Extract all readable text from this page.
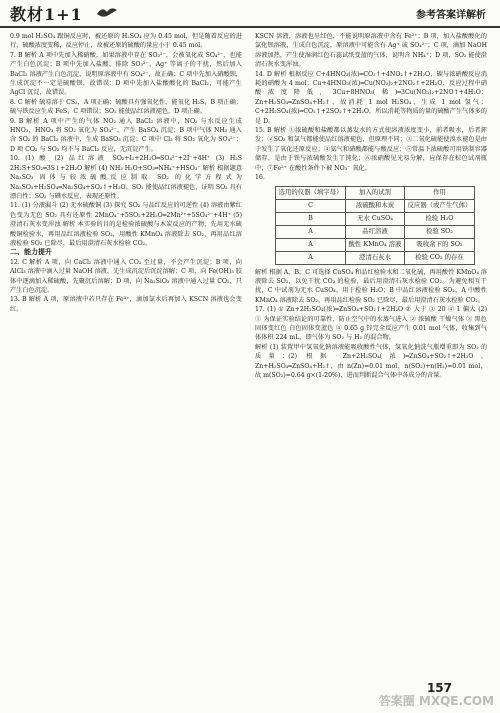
教材1+1	参考答案详解析

0.9 mol H₂SO₄ 跟铜反应时，被还原的 H₂SO₄ 应为 0.45 mol，但是随着反应的进行，硫酸浓度变稀，反应停止，故被还原的硫酸的量应小于 0.45 mol。

7. B 解析 A 项中先加入稀硝酸，如果溶液中存在 SO₃²⁻，会被氧化成 SO₄²⁻，也能产生白色沉淀；B 项中先加入盐酸，排除 SO₃²⁻、Ag⁺ 等离子的干扰，然后加入 BaCl₂ 溶液产生白色沉淀，说明原溶液中有 SO₄²⁻，故正确；C 项中先加入硝酸钡，生成沉淀不一定是硫酸钡，故错误；D 项中先加入盐酸酸化的 BaCl₂，可能产生 AgCl 沉淀，故错误。

8. C 解析 硫易溶于 CS₂，A 项正确；硫酸具有强氧化性，能氧化 H₂S，B 项正确；硫与铁反应生成 FeS，C 项错误；SO₂ 能使品红溶液褪色，D 项正确。

9. B 解析 A 项中产生的气体 NO₂ 通入 BaCl₂ 溶液中，NO₂ 与水反应生成 HNO₃，HNO₃ 将 SO₂ 氧化为 SO₄²⁻，产生 BaSO₄ 沉淀；B 项中气体 NH₃ 通入含 SO₂ 的 BaCl₂ 溶液中，生成 BaSO₃ 沉淀；C 项中 Cl₂ 将 SO₂ 氧化为 SO₄²⁻；D 项 CO₂ 与 SO₂ 均不与 BaCl₂ 反应，无沉淀产生。

10. (1) 酸 (2) 品红溶液 SO₂+I₂+2H₂O═SO₄²⁻+2I⁻+4H⁺ (3) H₂S 2H₂S+SO₂═3S↓+2H₂O 解析 (4) NH₃ H₂O+SO₂═NH₄⁺+HSO₃⁻ 解析 根据题意 Na₂SO₃ 固体与较浓硫酸反应制取 SO₂ 的化学方程式为 Na₂SO₃+H₂SO₄═Na₂SO₄+SO₂↑+H₂O。SO₂ 能使品红溶液褪色，证明 SO₂ 具有漂白性；SO₂ 与碘水反应，表现还原性。

11. (1) 分液漏斗 (2) 无水硫酸铜 (3) 探究 SO₂ 与品红反应的可逆性 (4) 溶液由紫红色变为无色 SO₂ 具有还原性 2MnO₄⁻+5SO₂+2H₂O═2Mn²⁺+5SO₄²⁻+4H⁺ (5) 澄清石灰水变浑浊 解析 本实验的目的是检验浓硫酸与木炭反应的产物，先用无水硫酸铜检验水，再用品红溶液检验 SO₂，用酸性 KMnO₄ 溶液除去 SO₂，再用品红溶液检验 SO₂ 已除尽，最后用澄清石灰水检验 CO₂。

二、能力提升

12. C 解析 A 项，向 CaCl₂ 溶液中通入 CO₂ 至过量，不会产生沉淀；B 项，向 AlCl₃ 溶液中滴入过量 NaOH 溶液，先生成沉淀后沉淀溶解；C 项，向 Fe(OH)₃ 胶体中逐滴加入稀硫酸，先聚沉后溶解；D 项，向 Na₂SiO₃ 溶液中通入过量 CO₂，只产生白色沉淀。

13. B 解析 A 项，原溶液中若只存在 Fe³⁺，滴加氯水后再加入 KSCN 溶液也会变红。

KSCN 溶液，溶液也呈红色，不能说明原溶液中含有 Fe²⁺；B 项，加入盐酸酸化的氯化钡溶液，生成白色沉淀，原溶液中可能含有 Ag⁺ 或 SO₄²⁻；C 项，滴加 NaOH 溶液加热，产生使湿润红色石蕊试纸变蓝的气体，说明含 NH₄⁺；D 项，SO₂ 能使澄清石灰水变浑浊。

14. D 解析 根据反应 C+4HNO₃(浓)═CO₂↑+4NO₂↑+2H₂O，碳与浓硝酸反应消耗的硝酸为 4 mol；Cu+4HNO₃(浓)═Cu(NO₃)₂+2NO₂↑+2H₂O，反应过程中硝酸浓度降低，3Cu+8HNO₃(稀)═3Cu(NO₃)₂+2NO↑+4H₂O；Zn+H₂SO₄═ZnSO₄+H₂↑，故消耗 1 mol H₂SO₄，生成 1 mol 氢气；C+2H₂SO₄(浓)═CO₂↑+2SO₂↑+2H₂O，所以消耗等物质的量的硫酸产生气体多的是 D。

15. B 解析 ①浓硫酸和盐酸都以蒸发水的方式使溶液浓度变小，前者吸水，后者挥发；②SO₂ 和氯气都能使品红溶液褪色，但原理不同；③二氧化硫能使溴水褪色是由于发生了氧化还原反应；④氨气和硝酸都能与酸反应；⑤常温下浓硫酸可用铁制容器储存，是由于铁与浓硫酸发生了钝化；⑥浓硝酸见光易分解，应保存在棕色试剂瓶中；⑦Fe²⁺ 在酸性条件下被 NO₃⁻ 氧化。

16.

选用的仪器（填字母）	加入的试剂	作用
C	浓硫酸和木炭	反应器（或产生气体）
B	无水 CuSO₄	检验 H₂O
A	品红溶液	检验 SO₂
A	酸性 KMnO₄ 溶液	吸收余下的 SO₂
A	澄清石灰水	检验 CO₂ 的存在

解析 根据 A、B、C 可选择 CuSO₄ 和品红检验水和二氧化硫，再用酸性 KMnO₄ 溶液除去 SO₂，以免干扰 CO₂ 的检验，最后用澄清石灰水检验 CO₂。为避免相互干扰，C 中试剂为无水 CuSO₄，用于检验 H₂O；B 中品红溶液检验 SO₂，A 中酸性 KMnO₄ 溶液除去 SO₂，再用品红检验 SO₂ 已除尽，最后用澄清石灰水检验 CO₂。

17. (1) ① Zn+2H₂SO₄(浓)═ZnSO₄+SO₂↑+2H₂O ② 大于 ③ 20 ④ 1 偏大 (2) ① 为保证实验结论的可靠性，防止空气中的水蒸气进入 ② 浓硫酸 干燥气体 ③ 黑色固体变红色 白色固体变蓝色 ④ 0.65 g 锌完全反应产生 0.01 mol 气体，收集到气体体积 224 mL，即气体为 SO₂ 与 H₂ 的混合物。

解析 (1) 装置甲中氢氧化钠溶液能吸收酸性气体，氢氧化钠洗气瓶增重即为 SO₂ 的质量；(2) 根据 Zn+2H₂SO₄(浓)═ZnSO₄+SO₂↑+2H₂O、Zn+H₂SO₄═ZnSO₄+H₂↑，由 n(Zn)=0.01 mol，n(SO₂)+n(H₂)=0.01 mol，故 m(SO₂)=0.64 g×(1-20%)，进而判断混合气体中各成分的含量。

157
答案圈 MXQE.COM
